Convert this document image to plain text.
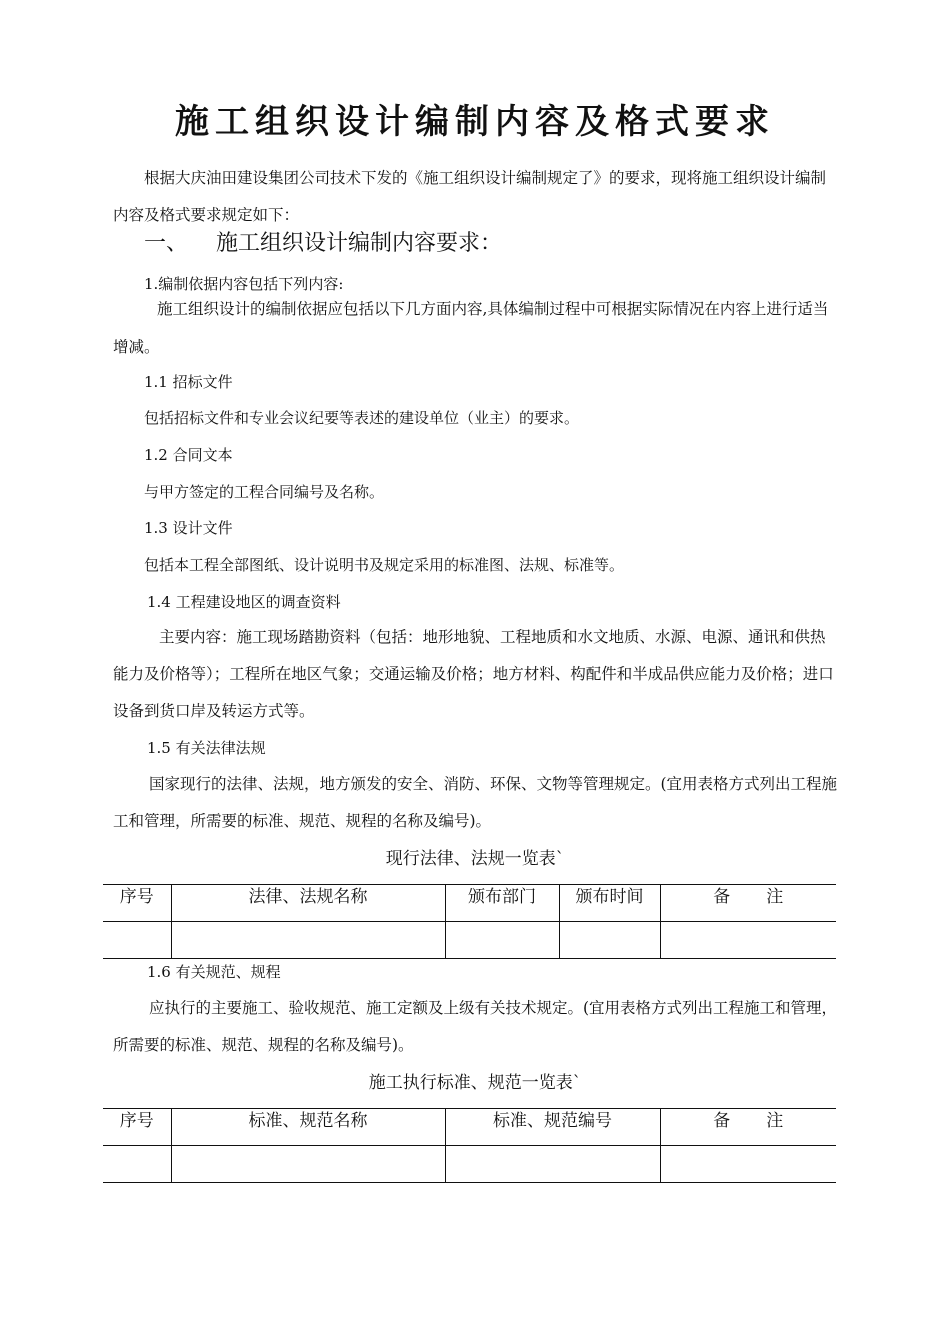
施工组织设计编制内容及格式要求
根据大庆油田建设集团公司技术下发的《施工组织设计编制规定了》的要求，现将施工组织设计编制内容及格式要求规定如下：
一、 施工组织设计编制内容要求：
1.编制依据内容包括下列内容:
施工组织设计的编制依据应包括以下几方面内容,具体编制过程中可根据实际情况在内容上进行适当增减。
1.1 招标文件
包括招标文件和专业会议纪要等表述的建设单位（业主）的要求。
1.2 合同文本
与甲方签定的工程合同编号及名称。
1.3 设计文件
包括本工程全部图纸、设计说明书及规定采用的标准图、法规、标准等。
1.4 工程建设地区的调查资料
主要内容：施工现场踏勘资料（包括：地形地貌、工程地质和水文地质、水源、电源、通讯和供热能力及价格等）；工程所在地区气象；交通运输及价格；地方材料、构配件和半成品供应能力及价格；进口设备到货口岸及转运方式等。
1.5 有关法律法规
国家现行的法律、法规，地方颁发的安全、消防、环保、文物等管理规定。(宜用表格方式列出工程施工和管理，所需要的标准、规范、规程的名称及编号)。
现行法律、法规一览表`
序号	法律、法规名称	颁布部门	颁布时间	备 注

1.6 有关规范、规程
应执行的主要施工、验收规范、施工定额及上级有关技术规定。(宜用表格方式列出工程施工和管理，所需要的标准、规范、规程的名称及编号)。
施工执行标准、规范一览表`
序号	标准、规范名称	标准、规范编号	备 注
